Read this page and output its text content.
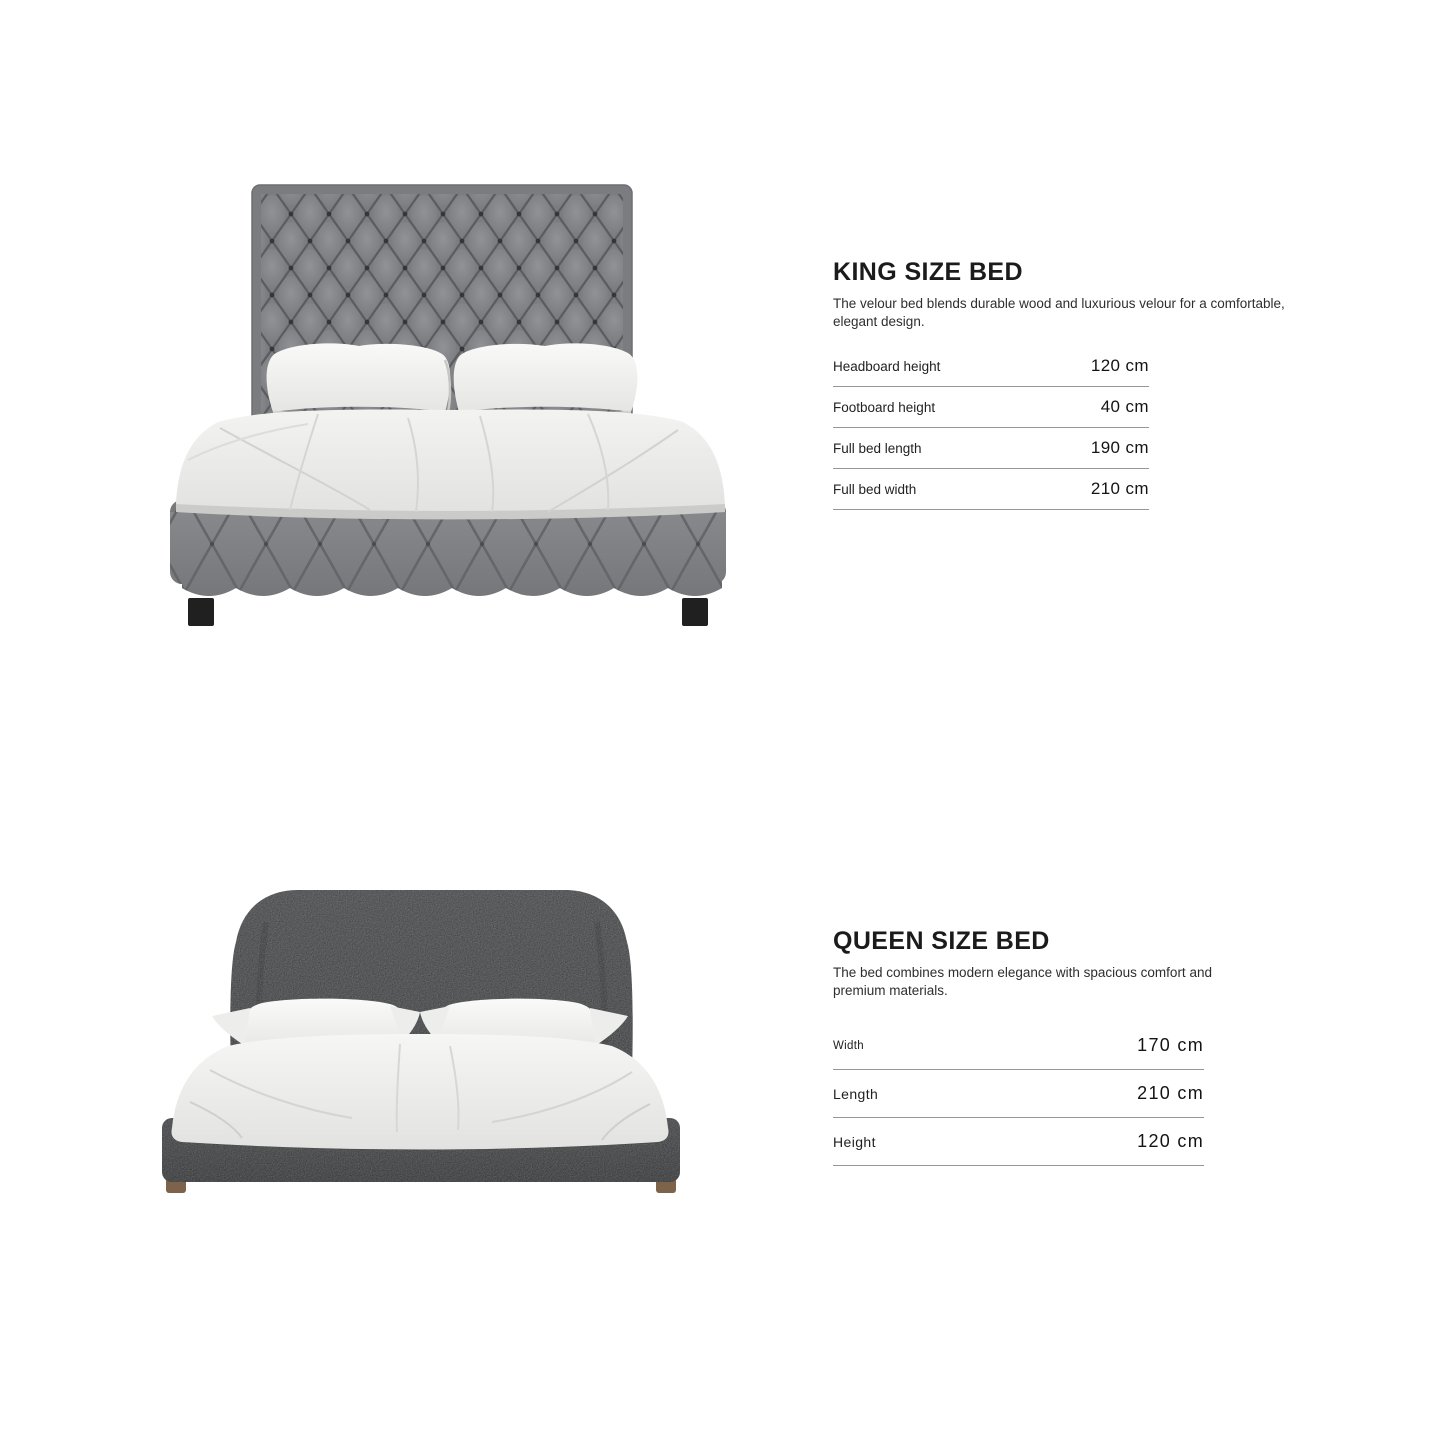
KING SIZE BED

The velour bed blends durable wood and luxurious velour for a comfortable, elegant design.

Headboard height	120 cm
Footboard height	40 cm
Full bed length	190 cm
Full bed width	210 cm
QUEEN SIZE BED

The bed combines modern elegance with spacious comfort and premium materials.

Width	170 cm
Length	210 cm
Height	120 cm
